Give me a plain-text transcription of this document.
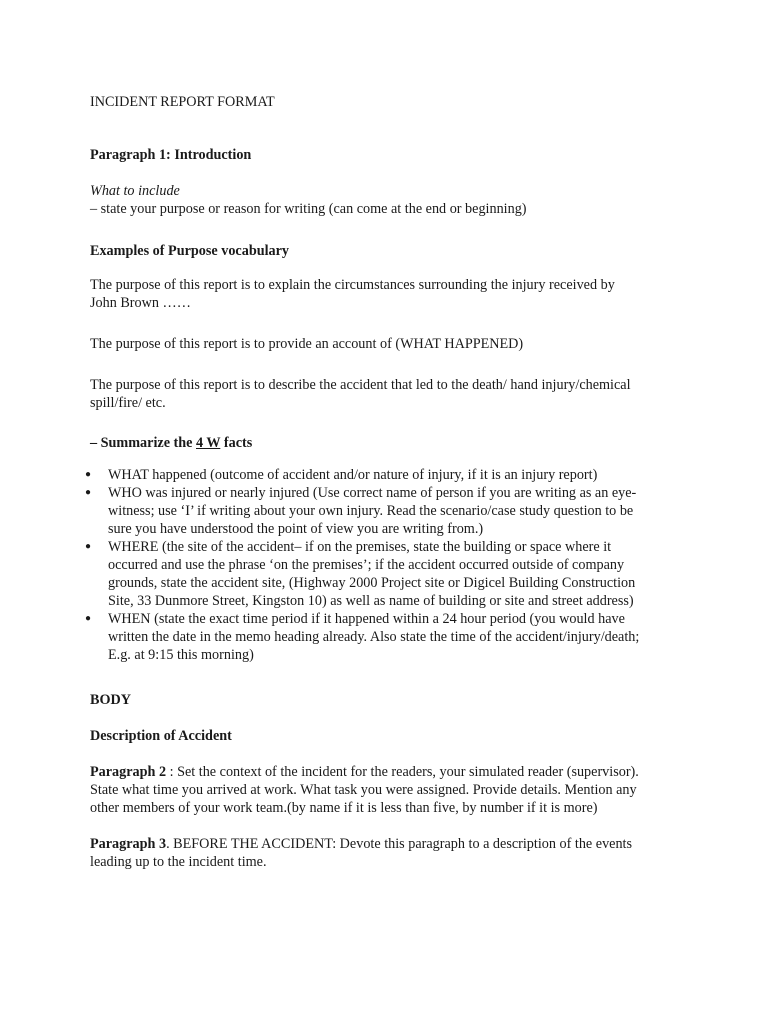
INCIDENT REPORT FORMAT

Paragraph 1: Introduction

What to include

– state your purpose or reason for writing (can come at the end or beginning)

Examples of Purpose vocabulary

The purpose of this report is to explain the circumstances surrounding the injury received by

John Brown ……

The purpose of this report is to provide an account of (WHAT HAPPENED)

The purpose of this report is to describe the accident that led to the death/ hand injury/chemical

spill/fire/ etc.

– Summarize the 4 W facts

● WHAT happened (outcome of accident and/or nature of injury, if it is an injury report)
● WHO was injured or nearly injured (Use correct name of person if you are writing as an eye-
witness; use ‘I’ if writing about your own injury. Read the scenario/case study question to be
sure you have understood the point of view you are writing from.)
● WHERE (the site of the accident– if on the premises, state the building or space where it
occurred and use the phrase ‘on the premises’; if the accident occurred outside of company
grounds, state the accident site, (Highway 2000 Project site or Digicel Building Construction
Site, 33 Dunmore Street, Kingston 10) as well as name of building or site and street address)
● WHEN (state the exact time period if it happened within a 24 hour period (you would have
written the date in the memo heading already. Also state the time of the accident/injury/death;
E.g. at 9:15 this morning)

BODY

Description of Accident

Paragraph 2 : Set the context of the incident for the readers, your simulated reader (supervisor).

State what time you arrived at work. What task you were assigned. Provide details. Mention any

other members of your work team.(by name if it is less than five, by number if it is more)

Paragraph 3. BEFORE THE ACCIDENT: Devote this paragraph to a description of the events

leading up to the incident time.
